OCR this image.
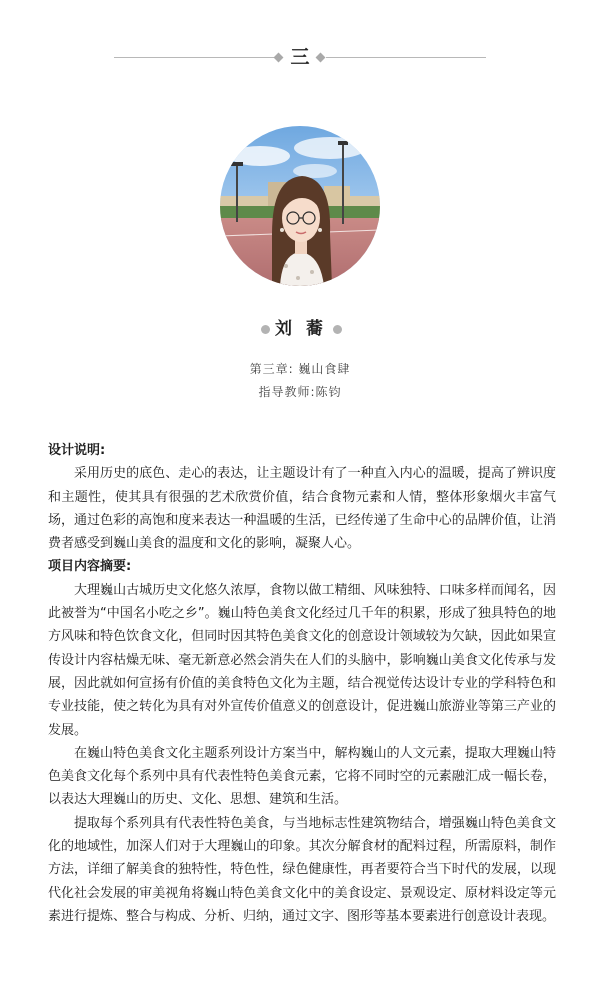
三
刘 蕎
第三章: 巍山食肆
指导教师:陈钧

设计说明:

采用历史的底色、走心的表达，让主题设计有了一种直入内心的温暖，提高了辨识度和主题性，使其具有很强的艺术欣赏价值，结合食物元素和人情，整体形象烟火丰富气场，通过色彩的高饱和度来表达一种温暖的生活，已经传递了生命中心的品牌价值，让消费者感受到巍山美食的温度和文化的影响，凝聚人心。

项目内容摘要:

大理巍山古城历史文化悠久浓厚，食物以做工精细、风味独特、口味多样而闻名，因此被誉为“中国名小吃之乡”。巍山特色美食文化经过几千年的积累，形成了独具特色的地方风味和特色饮食文化，但同时因其特色美食文化的创意设计领域较为欠缺，因此如果宣传设计内容枯燥无味、毫无新意必然会消失在人们的头脑中，影响巍山美食文化传承与发展，因此就如何宣扬有价值的美食特色文化为主题，结合视觉传达设计专业的学科特色和专业技能，使之转化为具有对外宣传价值意义的创意设计，促进巍山旅游业等第三产业的发展。

在巍山特色美食文化主题系列设计方案当中，解构巍山的人文元素，提取大理巍山特色美食文化每个系列中具有代表性特色美食元素，它将不同时空的元素融汇成一幅长卷，以表达大理巍山的历史、文化、思想、建筑和生活。

提取每个系列具有代表性特色美食，与当地标志性建筑物结合，增强巍山特色美食文化的地域性，加深人们对于大理巍山的印象。其次分解食材的配料过程，所需原料，制作方法，详细了解美食的独特性，特色性，绿色健康性，再者要符合当下时代的发展，以现代化社会发展的审美视角将巍山特色美食文化中的美食设定、景观设定、原材料设定等元素进行提炼、整合与构成、分析、归纳，通过文字、图形等基本要素进行创意设计表现。
